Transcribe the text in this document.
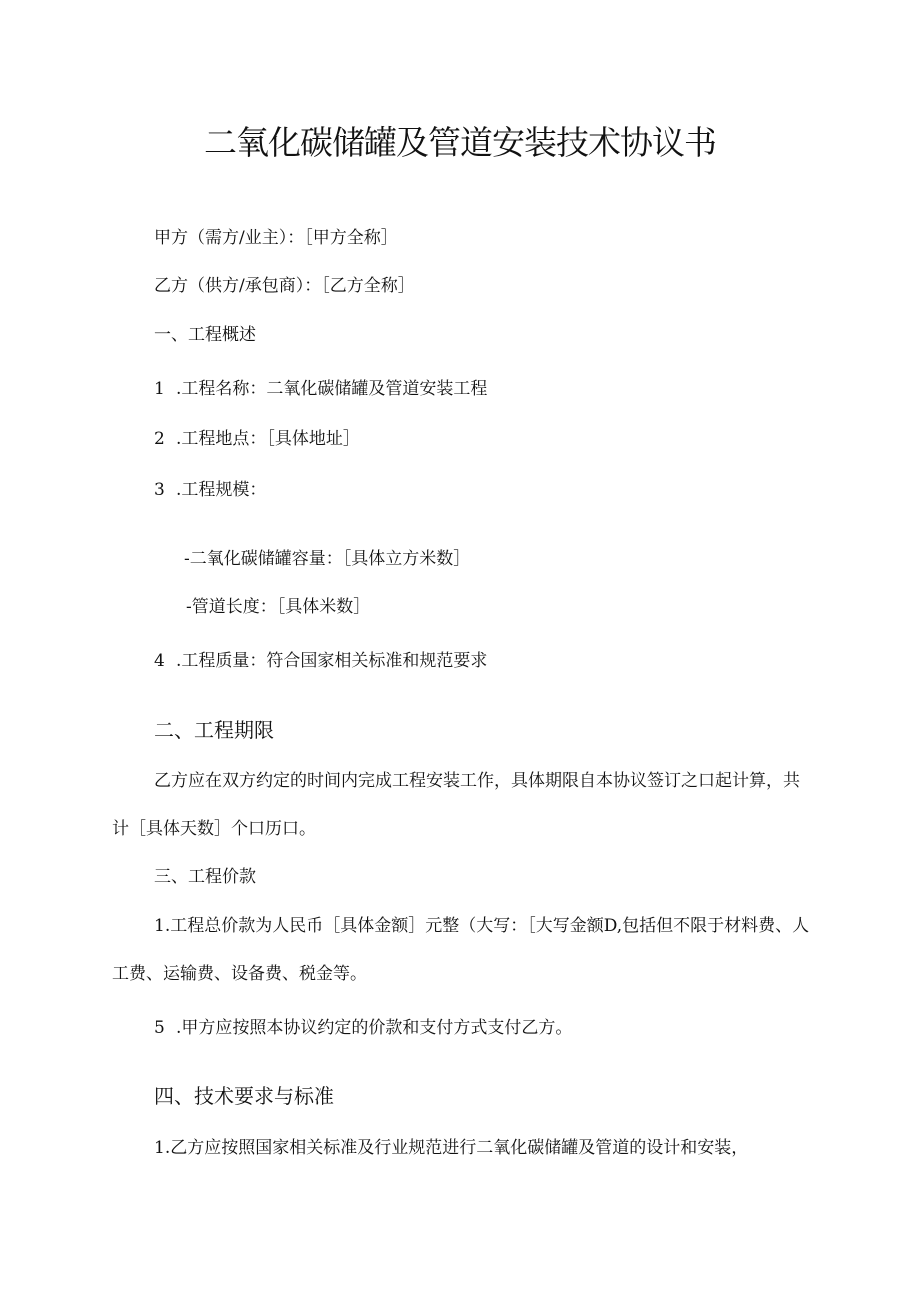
二氧化碳储罐及管道安装技术协议书
甲方（需方/业主）：［甲方全称］
乙方（供方/承包商）：［乙方全称］
一、工程概述
1 .工程名称：二氧化碳储罐及管道安装工程
2 .工程地点：［具体地址］
3 .工程规模：
-二氧化碳储罐容量：［具体立方米数］
-管道长度：［具体米数］
4 .工程质量：符合国家相关标准和规范要求
二、工程期限
乙方应在双方约定的时间内完成工程安装工作，具体期限自本协议签订之口起计算，共计［具体天数］个口历口。
三、工程价款
1.工程总价款为人民币［具体金额］元整（大写：［大写金额D,包括但不限于材料费、人工费、运输费、设备费、税金等。
5 .甲方应按照本协议约定的价款和支付方式支付乙方。
四、技术要求与标准
1.乙方应按照国家相关标准及行业规范进行二氧化碳储罐及管道的设计和安装，
